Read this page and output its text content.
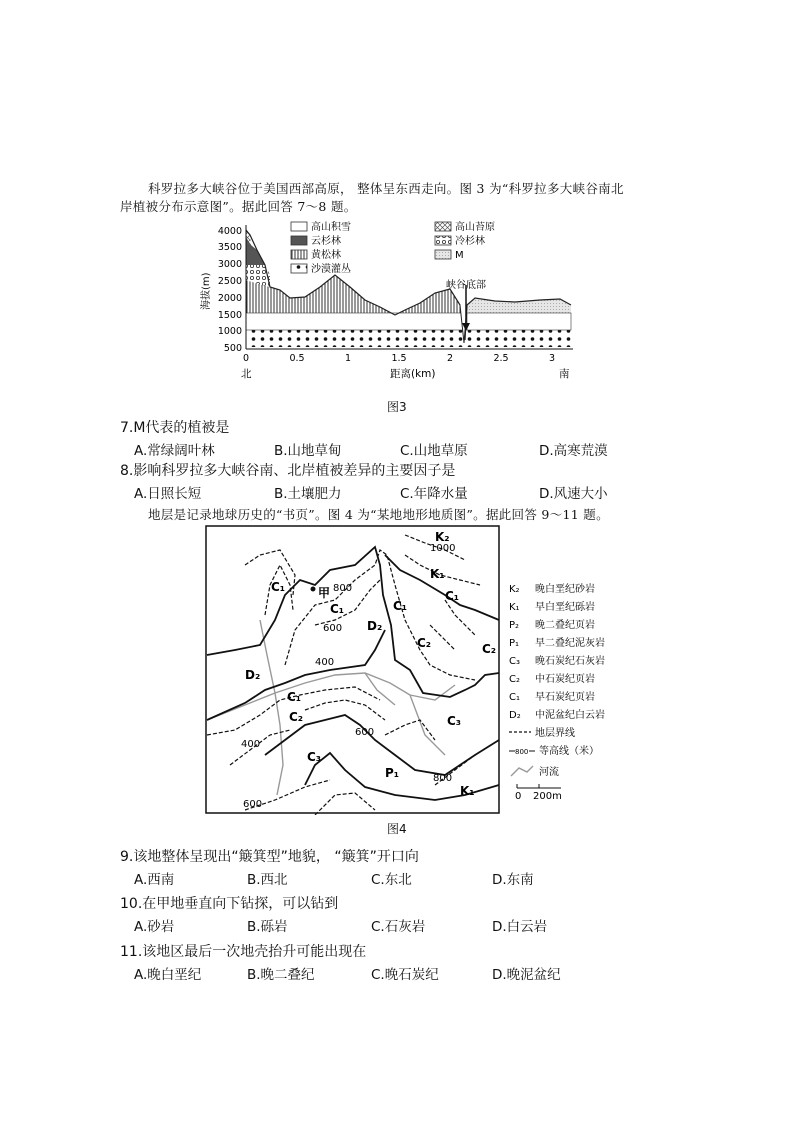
科罗拉多大峡谷位于美国西部高原， 整体呈东西走向。图 3 为“科罗拉多大峡谷南北
岸植被分布示意图”。据此回答 7～8 题。
峡谷底部
4000
3500
3000
2500
2000
1500
1000
500
海拔(m)
0	0.5	1	1.5	2	2.5	3
北	南
距离(km)
高山积雪	高山苔原
云杉林	冷杉林
黄松林	M
沙漠灌丛
图3
7.M代表的植被是
A.常绿阔叶林	B.山地草甸	C.山地草原	D.高寒荒漠
8.影响科罗拉多大峡谷南、北岸植被差异的主要因子是
A.日照长短	B.土壤肥力	C.年降水量	D.风速大小
地层是记录地球历史的“书页”。图 4 为“某地地形地质图”。据此回答 9～11 题。
1000
800
600
400
600
400
800
600
K₂
K₁
C₁
C₁	C₁
C₁
D₂
C₂	C₂
D₂
C₁
C₂	C₃
C₃
P₁
K₁
甲	K₂ 晚白垩纪砂岩
K₁ 早白垩纪砾岩
P₂ 晚二叠纪页岩
P₁ 早二叠纪泥灰岩
C₃ 晚石炭纪石灰岩
C₂ 中石炭纪页岩
C₁ 早石炭纪页岩
D₂ 中泥盆纪白云岩
地层界线
800 等高线（米）
河流
0 200m
图4
9.该地整体呈现出“簸箕型”地貌， “簸箕”开口向
A.西南	B.西北	C.东北	D.东南
10.在甲地垂直向下钻探，可以钻到
A.砂岩	B.砾岩	C.石灰岩	D.白云岩
11.该地区最后一次地壳抬升可能出现在
A.晚白垩纪	B.晚二叠纪	C.晚石炭纪	D.晚泥盆纪
